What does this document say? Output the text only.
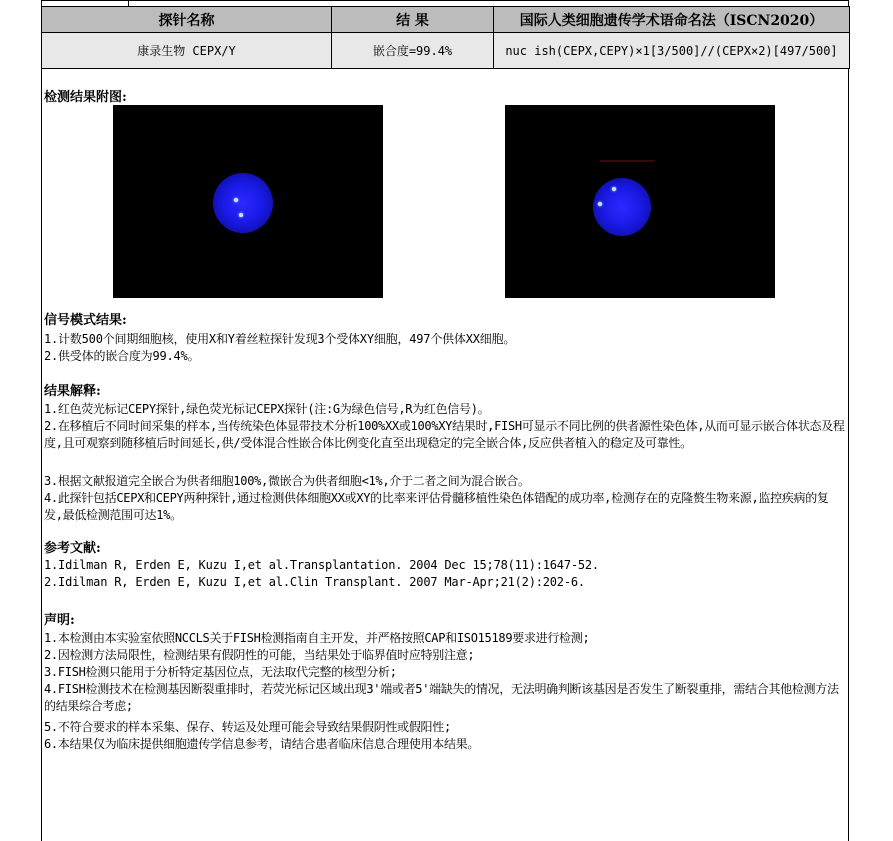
探针名称	结 果	国际人类细胞遗传学术语命名法（ISCN2020）
康录生物 CEPX/Y	嵌合度=99.4%	nuc ish(CEPX,CEPY)×1[3/500]//(CEPX×2)[497/500]
检测结果附图:
信号模式结果:
1.计数500个间期细胞核，使用X和Y着丝粒探针发现3个受体XY细胞，497个供体XX细胞。
2.供受体的嵌合度为99.4%。
结果解释:
1.红色荧光标记CEPY探针,绿色荧光标记CEPX探针(注:G为绿色信号,R为红色信号)。
2.在移植后不同时间采集的样本,当传统染色体显带技术分析100%XX或100%XY结果时,FISH可显示不同比例的供者源性染色体,从而可显示嵌合体状态及程度,且可观察到随移植后时间延长,供/受体混合性嵌合体比例变化直至出现稳定的完全嵌合体,反应供者植入的稳定及可靠性。
3.根据文献报道完全嵌合为供者细胞100%,微嵌合为供者细胞<1%,介于二者之间为混合嵌合。
4.此探针包括CEPX和CEPY两种探针,通过检测供体细胞XX或XY的比率来评估骨髓移植性染色体错配的成功率,检测存在的克隆赘生物来源,监控疾病的复发,最低检测范围可达1%。
参考文献:
1.Idilman R, Erden E, Kuzu I,et al.Transplantation. 2004 Dec 15;78(11):1647-52.
2.Idilman R, Erden E, Kuzu I,et al.Clin Transplant. 2007 Mar-Apr;21(2):202-6.
声明:
1.本检测由本实验室依照NCCLS关于FISH检测指南自主开发，并严格按照CAP和ISO15189要求进行检测;
2.因检测方法局限性，检测结果有假阴性的可能，当结果处于临界值时应特别注意;
3.FISH检测只能用于分析特定基因位点，无法取代完整的核型分析;
4.FISH检测技术在检测基因断裂重排时，若荧光标记区域出现3'端或者5'端缺失的情况，无法明确判断该基因是否发生了断裂重排，需结合其他检测方法的结果综合考虑;
5.不符合要求的样本采集、保存、转运及处理可能会导致结果假阴性或假阳性;
6.本结果仅为临床提供细胞遗传学信息参考，请结合患者临床信息合理使用本结果。
